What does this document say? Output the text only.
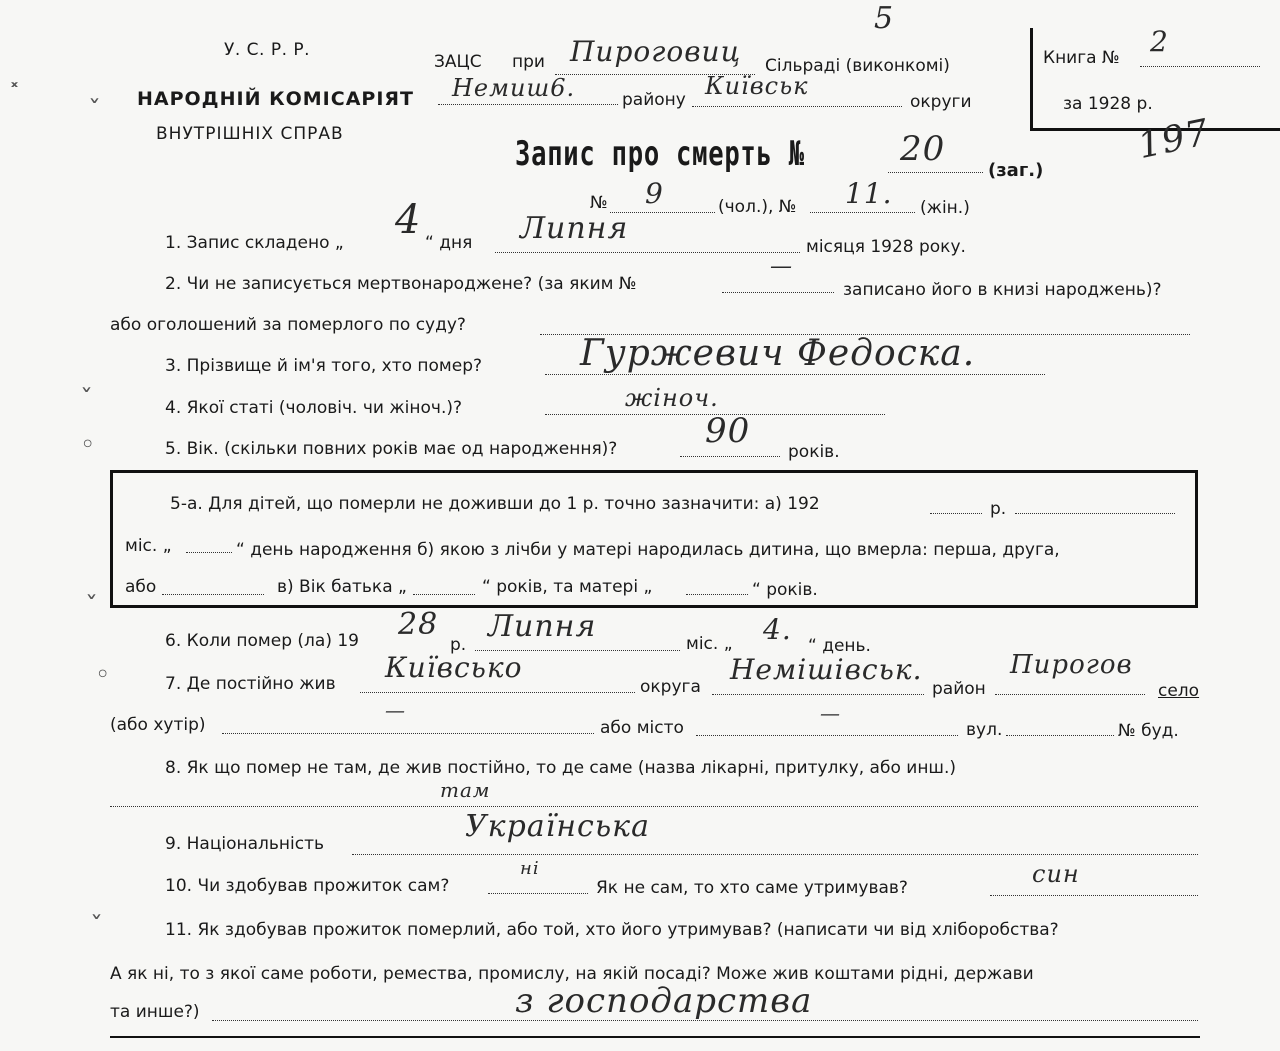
У. С. Р. Р.
НАРОДНІЙ КОМІСАРІЯТ
ВНУТРІШНІХ СПРАВ
ЗАЦС при Пироговиц Сільраді (виконкомі)
Немиш6.	району Київськ
округи
5
Книга № 2
за 1928 р.
197
Запис про смерть №	20
(заг.)
№ 9	(чол.), № 11. (жін.)
1. Запис складено „ 4 “ дня Липня
місяця 1928 року.
2. Чи не записується мертвонароджене? (за яким №
—
записано його в книзі народжень)?
або оголошений за померлого по суду?
3. Прізвище й ім'я того, хто помер?	Гуржевич Федоска.
4. Якої статі (чоловіч. чи жіноч.)?	жіноч.
5. Вік. (скільки повних років має од народження)?	90
років.
5-а. Для дітей, що померли не доживши до 1 р. точно зазначити: а) 192	р.
міс. „	“ день народження б) якою з лічби у матері народилась дитина, що вмерла: перша, друга,
або	в) Вік батька „	“ років, та матері „	“ років.
6. Коли помер (ла) 19 28
р.
Липня	міс. „ 4. “ день.
7. Де постійно жив Київсько
округа
Немішівськ.
район
Пирогов
село
(або хутір)
—
або місто
—
вул.	№ буд.
8. Як що помер не там, де жив постійно, то де саме (назва лікарні, притулку, або инш.)
там
9. Національність	Українська
10. Чи здобував прожиток сам?
ні
Як не сам, то хто саме утримував?	син
11. Як здобував прожиток померлий, або той, хто його утримував? (написати чи від хліборобства?
А як ні, то з якої саме роботи, ремества, промислу, на якій посаді? Може жив коштами рідні, держави
та инше?)	з господарства
˟
ˇ
ˇ
◦
ˇ
◦
ˇ
